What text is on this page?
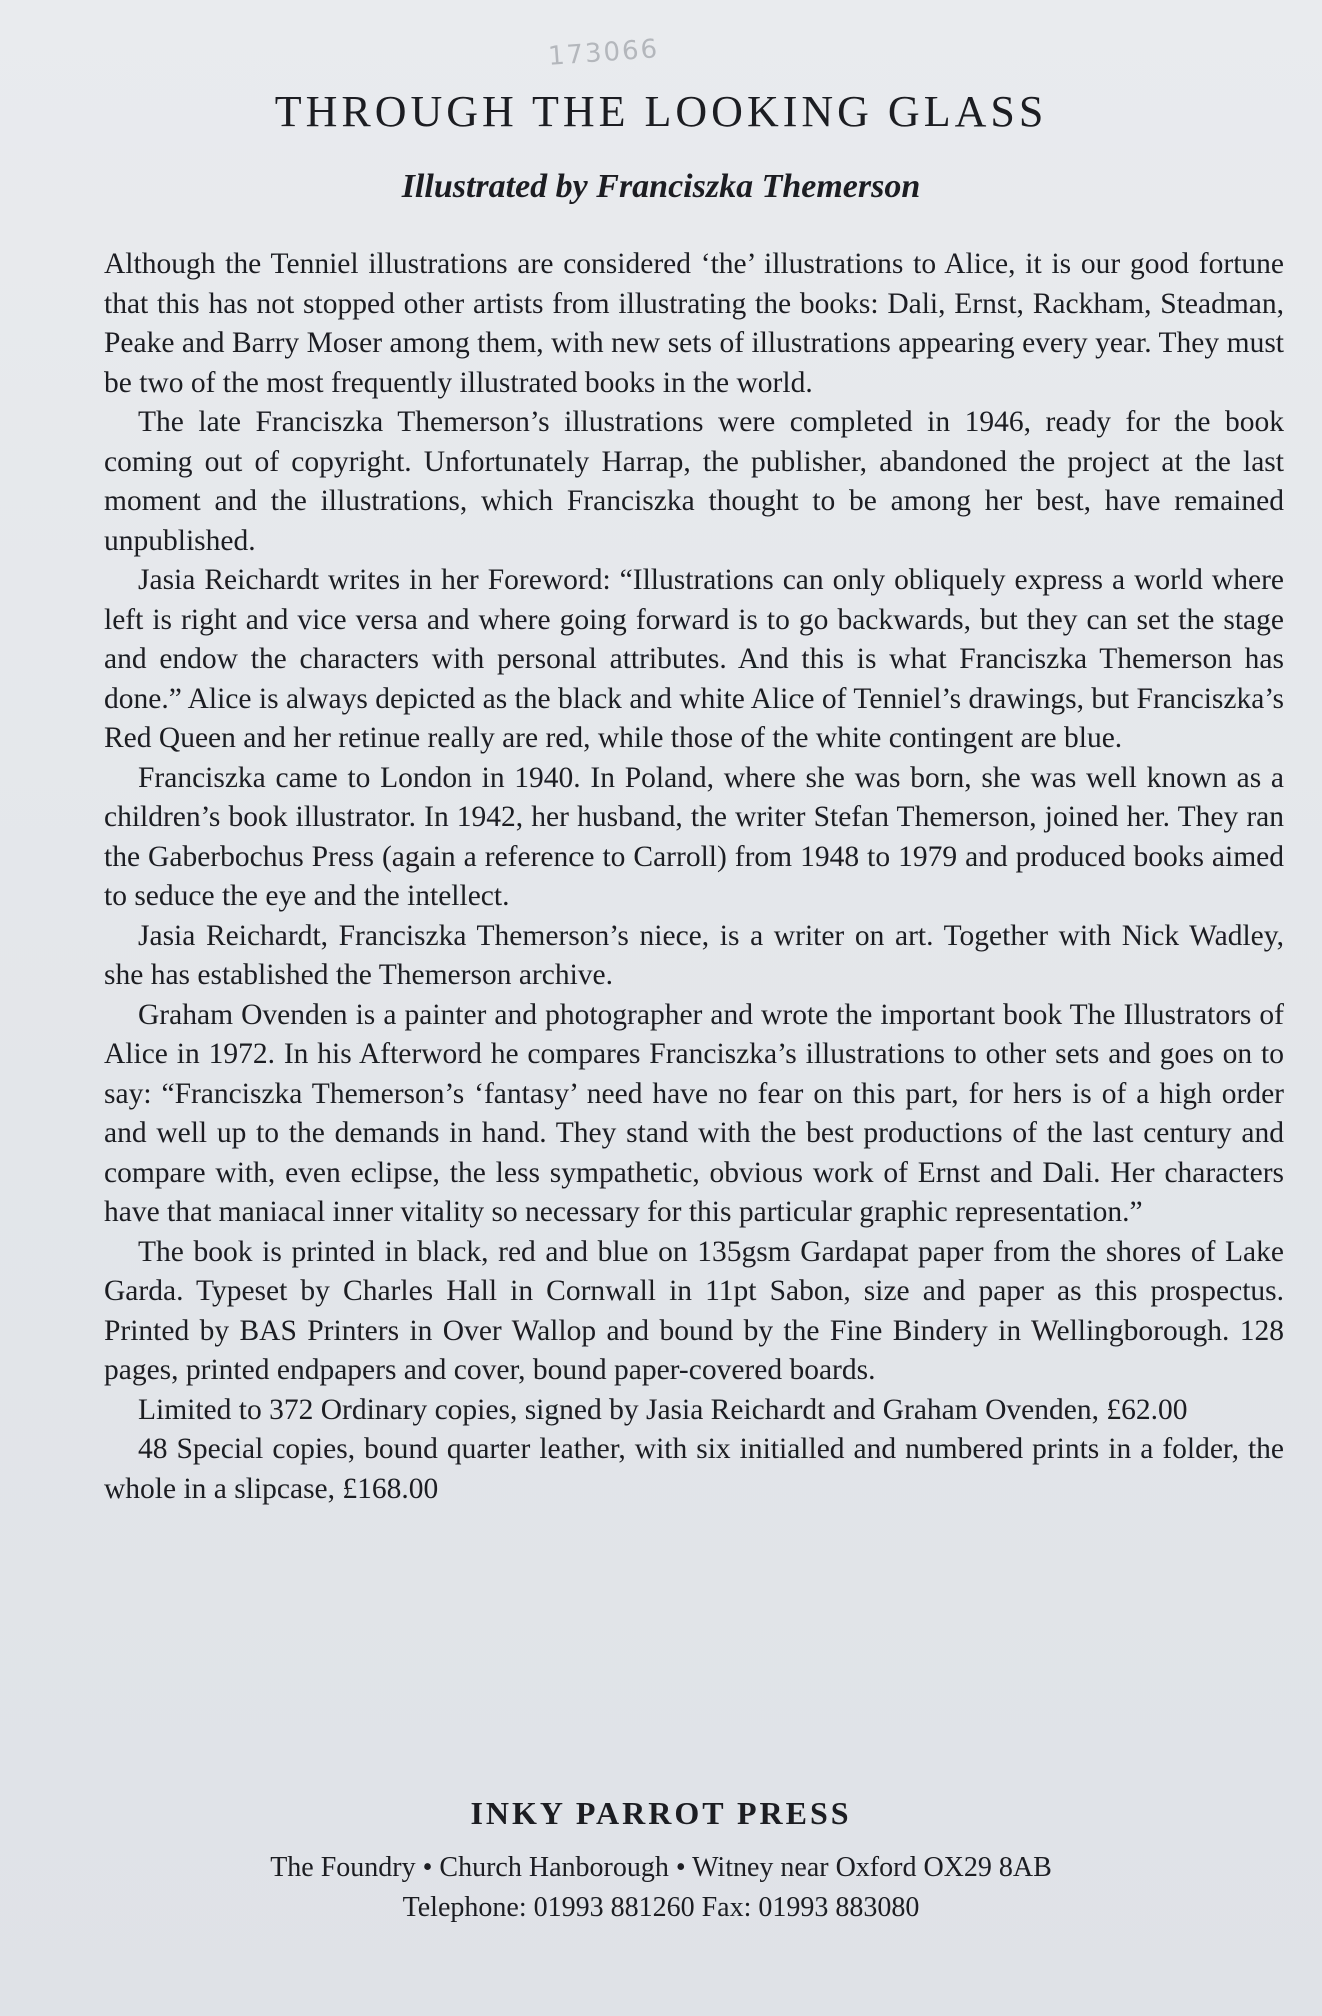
173066
THROUGH THE LOOKING GLASS
Illustrated by Franciszka Themerson

Although the Tenniel illustrations are considered ‘the’ illustrations to Alice, it is our good fortune that this has not stopped other artists from illustrating the books: Dali, Ernst, Rackham, Steadman, Peake and Barry Moser among them, with new sets of illustrations appearing every year. They must be two of the most frequently illustrated books in the world.

The late Franciszka Themerson’s illustrations were completed in 1946, ready for the book coming out of copyright. Unfortunately Harrap, the publisher, abandoned the project at the last moment and the illustrations, which Franciszka thought to be among her best, have remained unpublished.

Jasia Reichardt writes in her Foreword: “Illustrations can only obliquely express a world where left is right and vice versa and where going forward is to go backwards, but they can set the stage and endow the characters with personal attributes. And this is what Franciszka Themerson has done.” Alice is always depicted as the black and white Alice of Tenniel’s drawings, but Franciszka’s Red Queen and her retinue really are red, while those of the white contingent are blue.

Franciszka came to London in 1940. In Poland, where she was born, she was well known as a children’s book illustrator. In 1942, her husband, the writer Stefan Themerson, joined her. They ran the Gaberbochus Press (again a reference to Carroll) from 1948 to 1979 and produced books aimed to seduce the eye and the intellect.

Jasia Reichardt, Franciszka Themerson’s niece, is a writer on art. Together with Nick Wadley, she has established the Themerson archive.

Graham Ovenden is a painter and photographer and wrote the important book The Illustrators of Alice in 1972. In his Afterword he compares Franciszka’s illustrations to other sets and goes on to say: “Franciszka Themerson’s ‘fantasy’ need have no fear on this part, for hers is of a high order and well up to the demands in hand. They stand with the best productions of the last century and compare with, even eclipse, the less sympathetic, obvious work of Ernst and Dali. Her characters have that maniacal inner vitality so necessary for this particular graphic representation.”

The book is printed in black, red and blue on 135gsm Gardapat paper from the shores of Lake Garda. Typeset by Charles Hall in Cornwall in 11pt Sabon, size and paper as this prospectus. Printed by BAS Printers in Over Wallop and bound by the Fine Bindery in Wellingborough. 128 pages, printed endpapers and cover, bound paper-covered boards.

Limited to 372 Ordinary copies, signed by Jasia Reichardt and Graham Ovenden, £62.00

48 Special copies, bound quarter leather, with six initialled and numbered prints in a folder, the whole in a slipcase, £168.00

INKY PARROT PRESS
The Foundry • Church Hanborough • Witney near Oxford OX29 8AB
Telephone: 01993 881260 Fax: 01993 883080
